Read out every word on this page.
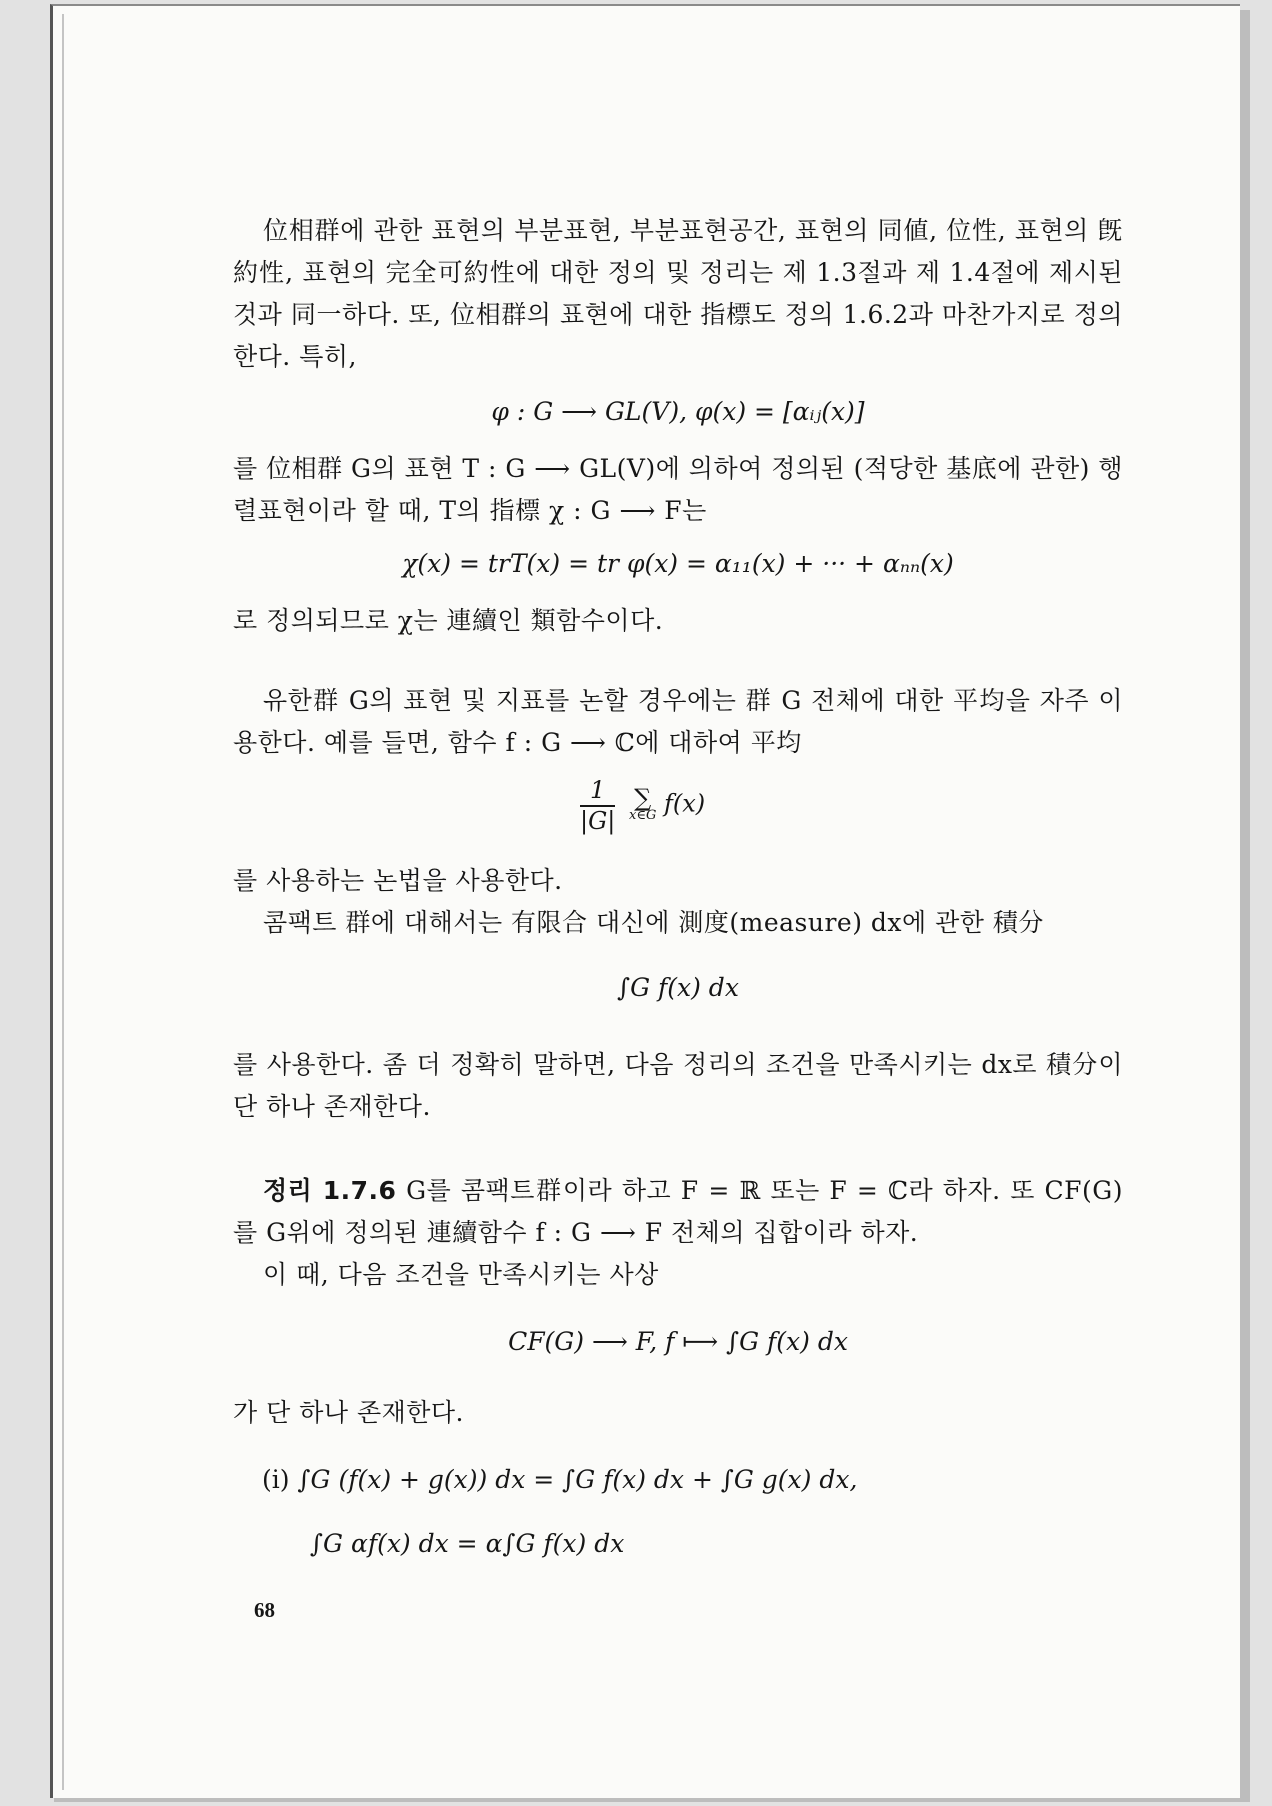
位相群에 관한 표현의 부분표현, 부분표현공간, 표현의 同値, 位性, 표현의 旣約性, 표현의 完全可約性에 대한 정의 및 정리는 제 1.3절과 제 1.4절에 제시된 것과 同一하다. 또, 位相群의 표현에 대한 指標도 정의 1.6.2과 마찬가지로 정의한다. 특히,

φ : G ⟶ GL(V), φ(x) = [αᵢⱼ(x)]

를 位相群 G의 표현 T : G ⟶ GL(V)에 의하여 정의된 (적당한 基底에 관한) 행렬표현이라 할 때, T의 指標 χ : G ⟶ F는

χ(x) = trT(x) = tr φ(x) = α₁₁(x) + ··· + αₙₙ(x)

로 정의되므로 χ는 連續인 類함수이다.

유한群 G의 표현 및 지표를 논할 경우에는 群 G 전체에 대한 平均을 자주 이용한다. 예를 들면, 함수 f : G ⟶ ℂ에 대하여 平均

$\frac{1}{|G|}$
∑
x∈G f(x)

를 사용하는 논법을 사용한다.

콤팩트 群에 대해서는 有限合 대신에 測度(measure) dx에 관한 積分

∫G f(x) dx

를 사용한다. 좀 더 정확히 말하면, 다음 정리의 조건을 만족시키는 dx로 積分이 단 하나 존재한다.

정리 1.7.6 G를 콤팩트群이라 하고 F = ℝ 또는 F = ℂ라 하자. 또 CF(G)를 G위에 정의된 連續함수 f : G ⟶ F 전체의 집합이라 하자.

이 때, 다음 조건을 만족시키는 사상

CF(G) ⟶ F, f ⟼ ∫G f(x) dx

가 단 하나 존재한다.

(i) ∫G (f(x) + g(x)) dx = ∫G f(x) dx + ∫G g(x) dx,
∫G αf(x) dx = α∫G f(x) dx
68
